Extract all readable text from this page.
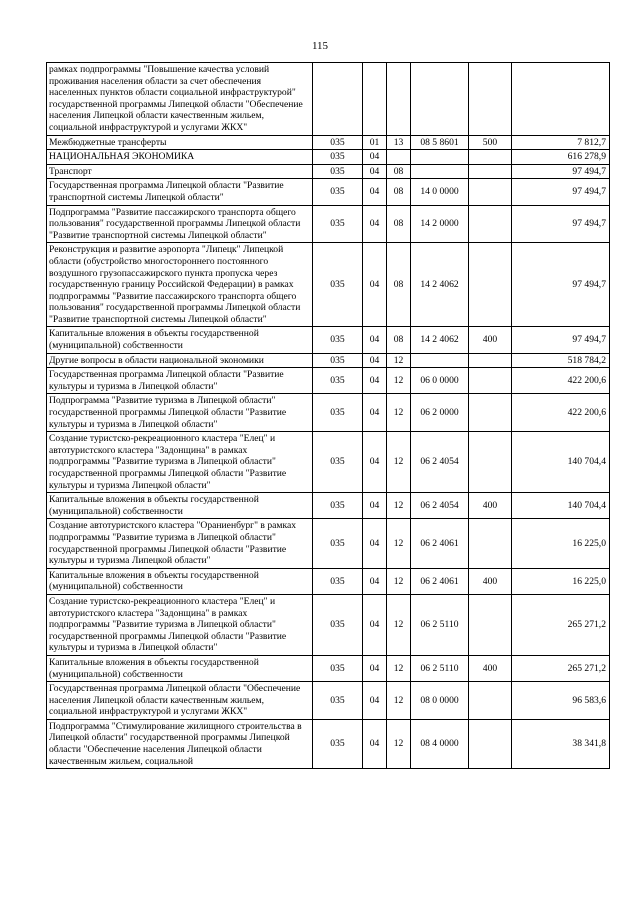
115
рамках подпрограммы "Повышение качества условий проживания населения области за счет обеспечения населенных пунктов области социальной инфраструктурой" государственной программы Липецкой области "Обеспечение населения Липецкой области качественным жильем, социальной инфраструктурой и услугами ЖКХ"						
Межбюджетные трансферты	035	01	13	08 5 8601	500	7 812,7
НАЦИОНАЛЬНАЯ ЭКОНОМИКА	035	04				616 278,9
Транспорт	035	04	08			97 494,7
Государственная программа Липецкой области "Развитие транспортной системы Липецкой области"	035	04	08	14 0 0000		97 494,7
Подпрограмма "Развитие пассажирского транспорта общего пользования" государственной программы Липецкой области "Развитие транспортной системы Липецкой области"	035	04	08	14 2 0000		97 494,7
Реконструкция и развитие аэропорта "Липецк" Липецкой области (обустройство многостороннего постоянного воздушного грузопассажирского пункта пропуска через государственную границу Российской Федерации) в рамках подпрограммы "Развитие пассажирского транспорта общего пользования" государственной программы Липецкой области "Развитие транспортной системы Липецкой области"	035	04	08	14 2 4062		97 494,7
Капитальные вложения в объекты государственной (муниципальной) собственности	035	04	08	14 2 4062	400	97 494,7
Другие вопросы в области национальной экономики	035	04	12			518 784,2
Государственная программа Липецкой области "Развитие культуры и туризма в Липецкой области"	035	04	12	06 0 0000		422 200,6
Подпрограмма "Развитие туризма в Липецкой области" государственной программы Липецкой области "Развитие культуры и туризма в Липецкой области"	035	04	12	06 2 0000		422 200,6
Создание туристско-рекреационного кластера "Елец" и автотуристского кластера "Задонщина" в рамках подпрограммы "Развитие туризма в Липецкой области" государственной программы Липецкой области "Развитие культуры и туризма Липецкой области"	035	04	12	06 2 4054		140 704,4
Капитальные вложения в объекты государственной (муниципальной) собственности	035	04	12	06 2 4054	400	140 704,4
Создание автотуристского кластера "Ораниенбург" в рамках подпрограммы "Развитие туризма в Липецкой области" государственной программы Липецкой области "Развитие культуры и туризма Липецкой области"	035	04	12	06 2 4061		16 225,0
Капитальные вложения в объекты государственной (муниципальной) собственности	035	04	12	06 2 4061	400	16 225,0
Создание туристско-рекреационного кластера "Елец" и автотуристского кластера "Задонщина" в рамках подпрограммы "Развитие туризма в Липецкой области" государственной программы Липецкой области "Развитие культуры и туризма в Липецкой области"	035	04	12	06 2 5110		265 271,2
Капитальные вложения в объекты государственной (муниципальной) собственности	035	04	12	06 2 5110	400	265 271,2
Государственная программа Липецкой области "Обеспечение населения Липецкой области качественным жильем, социальной инфраструктурой и услугами ЖКХ"	035	04	12	08 0 0000		96 583,6
Подпрограмма "Стимулирование жилищного строительства в Липецкой области" государственной программы Липецкой области "Обеспечение населения Липецкой области качественным жильем, социальной	035	04	12	08 4 0000		38 341,8
